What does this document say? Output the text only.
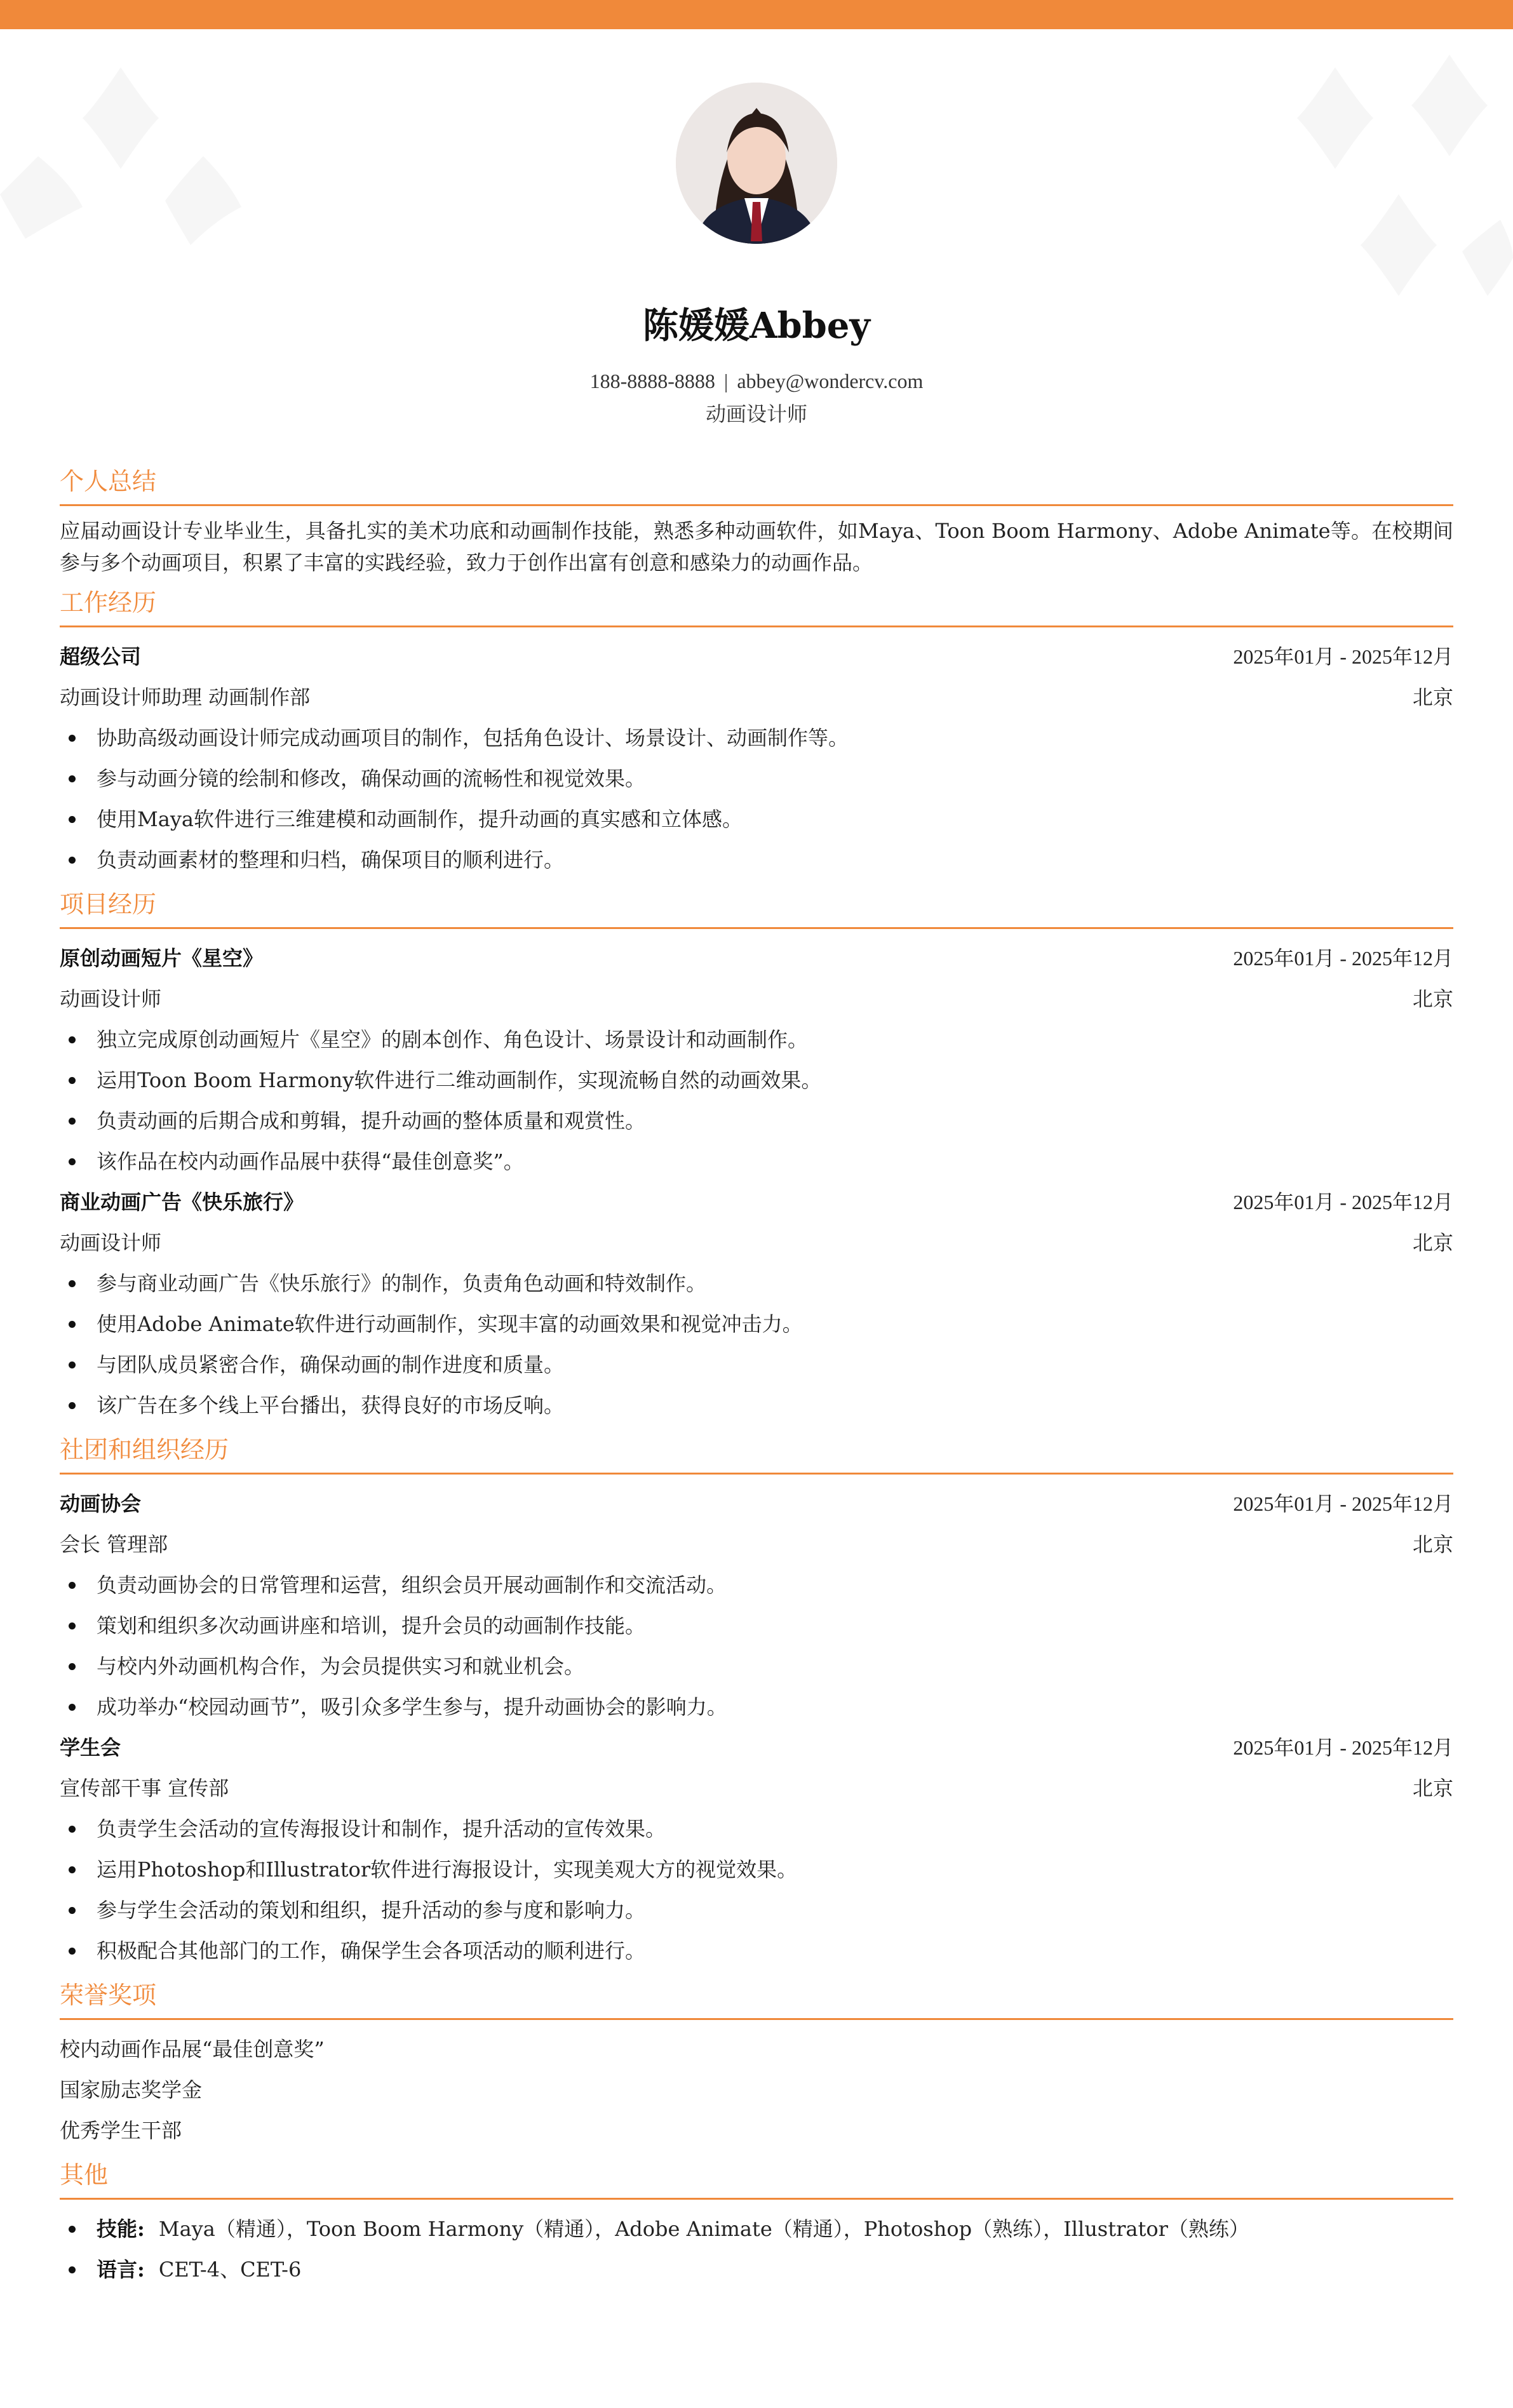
陈媛媛Abbey
188-8888-8888 | abbey@wondercv.com
动画设计师
个人总结
应届动画设计专业毕业生，具备扎实的美术功底和动画制作技能，熟悉多种动画软件，如Maya、Toon Boom Harmony、Adobe Animate等。在校期间参与多个动画项目，积累了丰富的实践经验，致力于创作出富有创意和感染力的动画作品。
工作经历
超级公司	2025年01月 - 2025年12月
动画设计师助理 动画制作部	北京
协助高级动画设计师完成动画项目的制作，包括角色设计、场景设计、动画制作等。
参与动画分镜的绘制和修改，确保动画的流畅性和视觉效果。
使用Maya软件进行三维建模和动画制作，提升动画的真实感和立体感。
负责动画素材的整理和归档，确保项目的顺利进行。
项目经历
原创动画短片《星空》	2025年01月 - 2025年12月
动画设计师	北京
独立完成原创动画短片《星空》的剧本创作、角色设计、场景设计和动画制作。
运用Toon Boom Harmony软件进行二维动画制作，实现流畅自然的动画效果。
负责动画的后期合成和剪辑，提升动画的整体质量和观赏性。
该作品在校内动画作品展中获得“最佳创意奖”。
商业动画广告《快乐旅行》	2025年01月 - 2025年12月
动画设计师	北京
参与商业动画广告《快乐旅行》的制作，负责角色动画和特效制作。
使用Adobe Animate软件进行动画制作，实现丰富的动画效果和视觉冲击力。
与团队成员紧密合作，确保动画的制作进度和质量。
该广告在多个线上平台播出，获得良好的市场反响。
社团和组织经历
动画协会	2025年01月 - 2025年12月
会长 管理部	北京
负责动画协会的日常管理和运营，组织会员开展动画制作和交流活动。
策划和组织多次动画讲座和培训，提升会员的动画制作技能。
与校内外动画机构合作，为会员提供实习和就业机会。
成功举办“校园动画节”，吸引众多学生参与，提升动画协会的影响力。
学生会	2025年01月 - 2025年12月
宣传部干事 宣传部	北京
负责学生会活动的宣传海报设计和制作，提升活动的宣传效果。
运用Photoshop和Illustrator软件进行海报设计，实现美观大方的视觉效果。
参与学生会活动的策划和组织，提升活动的参与度和影响力。
积极配合其他部门的工作，确保学生会各项活动的顺利进行。
荣誉奖项
校内动画作品展“最佳创意奖”
国家励志奖学金
优秀学生干部
其他
技能: Maya（精通），Toon Boom Harmony（精通），Adobe Animate（精通），Photoshop（熟练），Illustrator（熟练）
语言: CET-4、CET-6
